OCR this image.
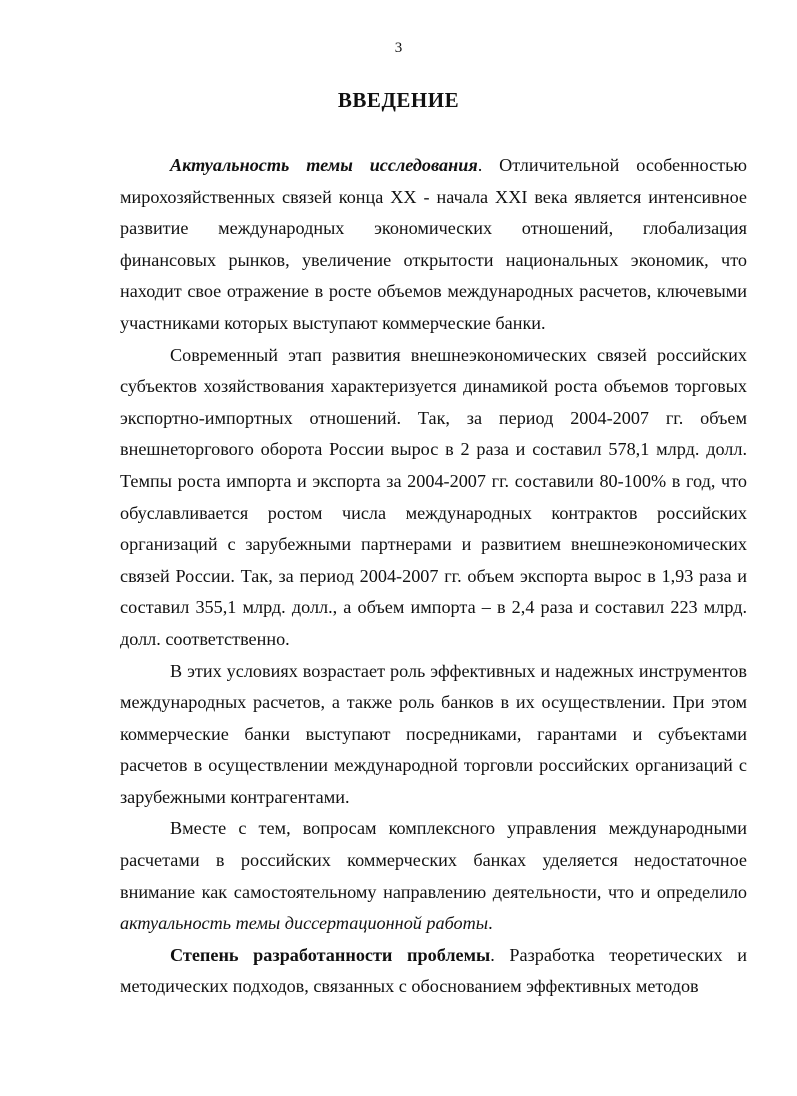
3
ВВЕДЕНИЕ

Актуальность темы исследования. Отличительной особенностью мирохозяйственных связей конца XX - начала XXI века является интенсивное развитие международных экономических отношений, глобализация финансовых рынков, увеличение открытости национальных экономик, что находит свое отражение в росте объемов международных расчетов, ключевыми участниками которых выступают коммерческие банки.

Современный этап развития внешнеэкономических связей российских субъектов хозяйствования характеризуется динамикой роста объемов торговых экспортно-импортных отношений. Так, за период 2004-2007 гг. объем внешнеторгового оборота России вырос в 2 раза и составил 578,1 млрд. долл. Темпы роста импорта и экспорта за 2004-2007 гг. составили 80-100% в год, что обуславливается ростом числа международных контрактов российских организаций с зарубежными партнерами и развитием внешнеэкономических связей России. Так, за период 2004-2007 гг. объем экспорта вырос в 1,93 раза и составил 355,1 млрд. долл., а объем импорта – в 2,4 раза и составил 223 млрд. долл. соответственно.

В этих условиях возрастает роль эффективных и надежных инструментов международных расчетов, а также роль банков в их осуществлении. При этом коммерческие банки выступают посредниками, гарантами и субъектами расчетов в осуществлении международной торговли российских организаций с зарубежными контрагентами.

Вместе с тем, вопросам комплексного управления международными расчетами в российских коммерческих банках уделяется недостаточное внимание как самостоятельному направлению деятельности, что и определило актуальность темы диссертационной работы.

Степень разработанности проблемы. Разработка теоретических и методических подходов, связанных с обоснованием эффективных методов
